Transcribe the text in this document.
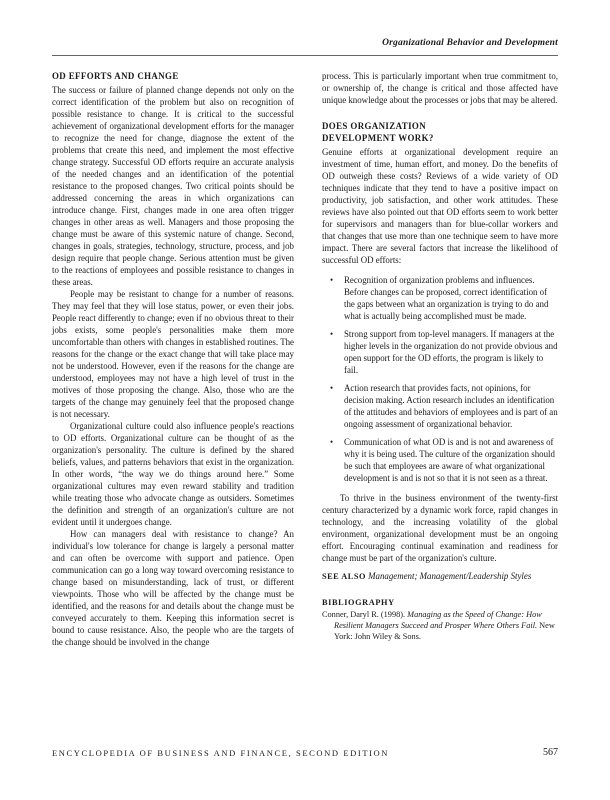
Organizational Behavior and Development
OD EFFORTS AND CHANGE

The success or failure of planned change depends not only on the correct identification of the problem but also on recognition of possible resistance to change. It is critical to the successful achievement of organizational development efforts for the manager to recognize the need for change, diagnose the extent of the problems that create this need, and implement the most effective change strategy. Successful OD efforts require an accurate analysis of the needed changes and an identification of the potential resistance to the proposed changes. Two critical points should be addressed concerning the areas in which organizations can introduce change. First, changes made in one area often trigger changes in other areas as well. Managers and those proposing the change must be aware of this systemic nature of change. Second, changes in goals, strategies, technology, structure, process, and job design require that people change. Serious attention must be given to the reactions of employees and possible resistance to changes in these areas.

People may be resistant to change for a number of reasons. They may feel that they will lose status, power, or even their jobs. People react differently to change; even if no obvious threat to their jobs exists, some people's personalities make them more uncomfortable than others with changes in established routines. The reasons for the change or the exact change that will take place may not be understood. However, even if the reasons for the change are understood, employees may not have a high level of trust in the motives of those proposing the change. Also, those who are the targets of the change may genuinely feel that the proposed change is not necessary.

Organizational culture could also influence people's reactions to OD efforts. Organizational culture can be thought of as the organization's personality. The culture is defined by the shared beliefs, values, and patterns behaviors that exist in the organization. In other words, “the way we do things around here.” Some organizational cultures may even reward stability and tradition while treating those who advocate change as outsiders. Sometimes the definition and strength of an organization's culture are not evident until it undergoes change.

How can managers deal with resistance to change? An individual's low tolerance for change is largely a personal matter and can often be overcome with support and patience. Open communication can go a long way toward overcoming resistance to change based on misunderstanding, lack of trust, or different viewpoints. Those who will be affected by the change must be identified, and the reasons for and details about the change must be conveyed accurately to them. Keeping this information secret is bound to cause resistance. Also, the people who are the targets of the change should be involved in the change

process. This is particularly important when true commitment to, or ownership of, the change is critical and those affected have unique knowledge about the processes or jobs that may be altered.

DOES ORGANIZATION
DEVELOPMENT WORK?

Genuine efforts at organizational development require an investment of time, human effort, and money. Do the benefits of OD outweigh these costs? Reviews of a wide variety of OD techniques indicate that they tend to have a positive impact on productivity, job satisfaction, and other work attitudes. These reviews have also pointed out that OD efforts seem to work better for supervisors and managers than for blue-collar workers and that changes that use more than one technique seem to have more impact. There are several factors that increase the likelihood of successful OD efforts:

• Recognition of organization problems and influences. Before changes can be proposed, correct identification of the gaps between what an organization is trying to do and what is actually being accomplished must be made.
• Strong support from top-level managers. If managers at the higher levels in the organization do not provide obvious and open support for the OD efforts, the program is likely to fail.
• Action research that provides facts, not opinions, for decision making. Action research includes an identification of the attitudes and behaviors of employees and is part of an ongoing assessment of organizational behavior.
• Communication of what OD is and is not and awareness of why it is being used. The culture of the organization should be such that employees are aware of what organizational development is and is not so that it is not seen as a threat.

To thrive in the business environment of the twenty-first century characterized by a dynamic work force, rapid changes in technology, and the increasing volatility of the global environment, organizational development must be an ongoing effort. Encouraging continual examination and readiness for change must be part of the organization's culture.

SEE ALSO Management; Management/Leadership Styles
BIBLIOGRAPHY
Conner, Daryl R. (1998). Managing as the Speed of Change: How Resilient Managers Succeed and Prosper Where Others Fail. New York: John Wiley & Sons.
ENCYCLOPEDIA OF BUSINESS AND FINANCE, SECOND EDITION	567
